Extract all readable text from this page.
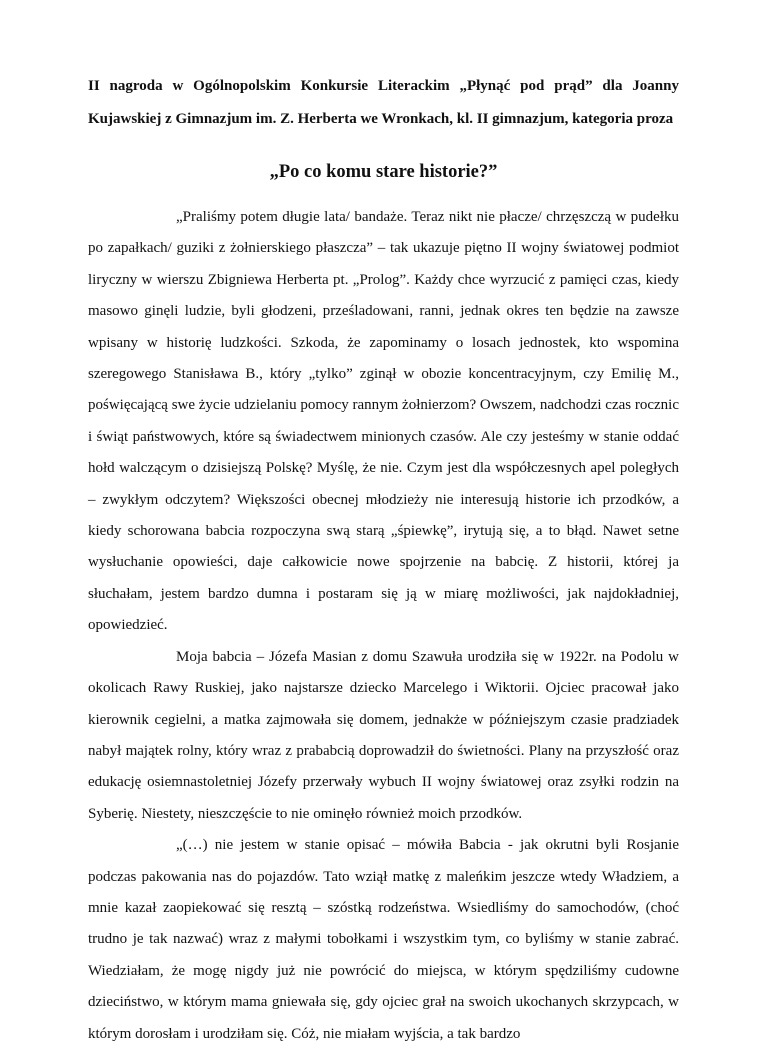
II nagroda w Ogólnopolskim Konkursie Literackim „Płynąć pod prąd” dla Joanny Kujawskiej z Gimnazjum im. Z. Herberta we Wronkach, kl. II gimnazjum, kategoria proza

„Po co komu stare historie?”

„Praliśmy potem długie lata/ bandaże. Teraz nikt nie płacze/ chrzęszczą w pudełku po zapałkach/ guziki z żołnierskiego płaszcza” – tak ukazuje piętno II wojny światowej podmiot liryczny w wierszu Zbigniewa Herberta pt. „Prolog”. Każdy chce wyrzucić z pamięci czas, kiedy masowo ginęli ludzie, byli głodzeni, prześladowani, ranni, jednak okres ten będzie na zawsze wpisany w historię ludzkości. Szkoda, że zapominamy o losach jednostek, kto wspomina szeregowego Stanisława B., który „tylko” zginął w obozie koncentracyjnym, czy Emilię M., poświęcającą swe życie udzielaniu pomocy rannym żołnierzom? Owszem, nadchodzi czas rocznic i świąt państwowych, które są świadectwem minionych czasów. Ale czy jesteśmy w stanie oddać hołd walczącym o dzisiejszą Polskę? Myślę, że nie. Czym jest dla współczesnych apel poległych – zwykłym odczytem? Większości obecnej młodzieży nie interesują historie ich przodków, a kiedy schorowana babcia rozpoczyna swą starą „śpiewkę”, irytują się, a to błąd. Nawet setne wysłuchanie opowieści, daje całkowicie nowe spojrzenie na babcię. Z historii, której ja słuchałam, jestem bardzo dumna i postaram się ją w miarę możliwości, jak najdokładniej, opowiedzieć.

Moja babcia – Józefa Masian z domu Szawuła urodziła się w 1922r. na Podolu w okolicach Rawy Ruskiej, jako najstarsze dziecko Marcelego i Wiktorii. Ojciec pracował jako kierownik cegielni, a matka zajmowała się domem, jednakże w późniejszym czasie pradziadek nabył majątek rolny, który wraz z prababcią doprowadził do świetności. Plany na przyszłość oraz edukację osiemnastoletniej Józefy przerwały wybuch II wojny światowej oraz zsyłki rodzin na Syberię. Niestety, nieszczęście to nie ominęło również moich przodków.

„(…) nie jestem w stanie opisać – mówiła Babcia - jak okrutni byli Rosjanie podczas pakowania nas do pojazdów. Tato wziął matkę z maleńkim jeszcze wtedy Władziem, a mnie kazał zaopiekować się resztą – szóstką rodzeństwa. Wsiedliśmy do samochodów, (choć trudno je tak nazwać) wraz z małymi tobołkami i wszystkim tym, co byliśmy w stanie zabrać. Wiedziałam, że mogę nigdy już nie powrócić do miejsca, w którym spędziliśmy cudowne dzieciństwo, w którym mama gniewała się, gdy ojciec grał na swoich ukochanych skrzypcach, w którym dorosłam i urodziłam się. Cóż, nie miałam wyjścia, a tak bardzo
